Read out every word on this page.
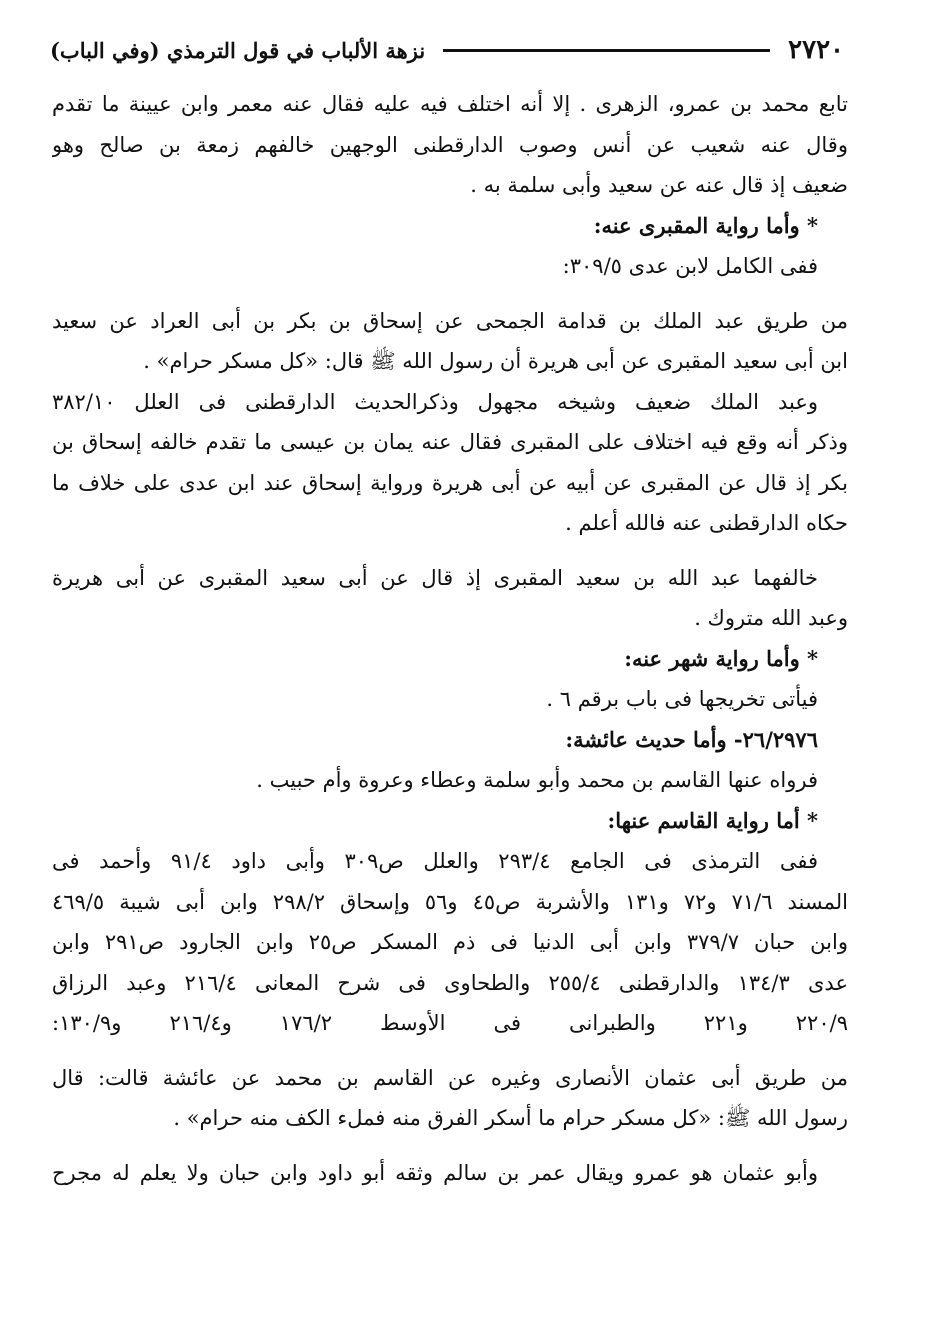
٢٧٢٠
نزهة الألباب في قول الترمذي (وفي الباب)
تابع محمد بن عمرو، الزهرى . إلا أنه اختلف فيه عليه فقال عنه معمر وابن عيينة ما تقدم
وقال عنه شعيب عن أنس وصوب الدارقطنى الوجهين خالفهم زمعة بن صالح وهو
ضعيف إذ قال عنه عن سعيد وأبى سلمة به .
* وأما رواية المقبرى عنه:
ففى الكامل لابن عدى ٣٠٩/٥:
من طريق عبد الملك بن قدامة الجمحى عن إسحاق بن بكر بن أبى العراد عن سعيد
ابن أبى سعيد المقبرى عن أبى هريرة أن رسول الله ﷺ قال: «كل مسكر حرام» .
وعبد الملك ضعيف وشيخه مجهول وذكرالحديث الدارقطنى فى العلل ٣٨٢/١٠
وذكر أنه وقع فيه اختلاف على المقبرى فقال عنه يمان بن عيسى ما تقدم خالفه إسحاق بن
بكر إذ قال عن المقبرى عن أبيه عن أبى هريرة ورواية إسحاق عند ابن عدى على خلاف ما
حكاه الدارقطنى عنه فالله أعلم .
خالفهما عبد الله بن سعيد المقبرى إذ قال عن أبى سعيد المقبرى عن أبى هريرة
وعبد الله متروك .
* وأما رواية شهر عنه:
فيأتى تخريجها فى باب برقم ٦ .
٢٦/٢٩٧٦- وأما حديث عائشة:
فرواه عنها القاسم بن محمد وأبو سلمة وعطاء وعروة وأم حبيب .
* أما رواية القاسم عنها:
ففى الترمذى فى الجامع ٢٩٣/٤ والعلل ص٣٠٩ وأبى داود ٩١/٤ وأحمد فى
المسند ٧١/٦ و٧٢ و١٣١ والأشربة ص٤٥ و٥٦ وإسحاق ٢٩٨/٢ وابن أبى شيبة ٤٦٩/٥
وابن حبان ٣٧٩/٧ وابن أبى الدنيا فى ذم المسكر ص٢٥ وابن الجارود ص٢٩١ وابن
عدى ١٣٤/٣ والدارقطنى ٢٥٥/٤ والطحاوى فى شرح المعانى ٢١٦/٤ وعبد الرزاق
٢٢٠/٩ و٢٢١ والطبرانى فى الأوسط ١٧٦/٢ و٢١٦/٤ و١٣٠/٩:
من طريق أبى عثمان الأنصارى وغيره عن القاسم بن محمد عن عائشة قالت: قال
رسول الله ﷺ: «كل مسكر حرام ما أسكر الفرق منه فملء الكف منه حرام» .
وأبو عثمان هو عمرو ويقال عمر بن سالم وثقه أبو داود وابن حبان ولا يعلم له مجرح
